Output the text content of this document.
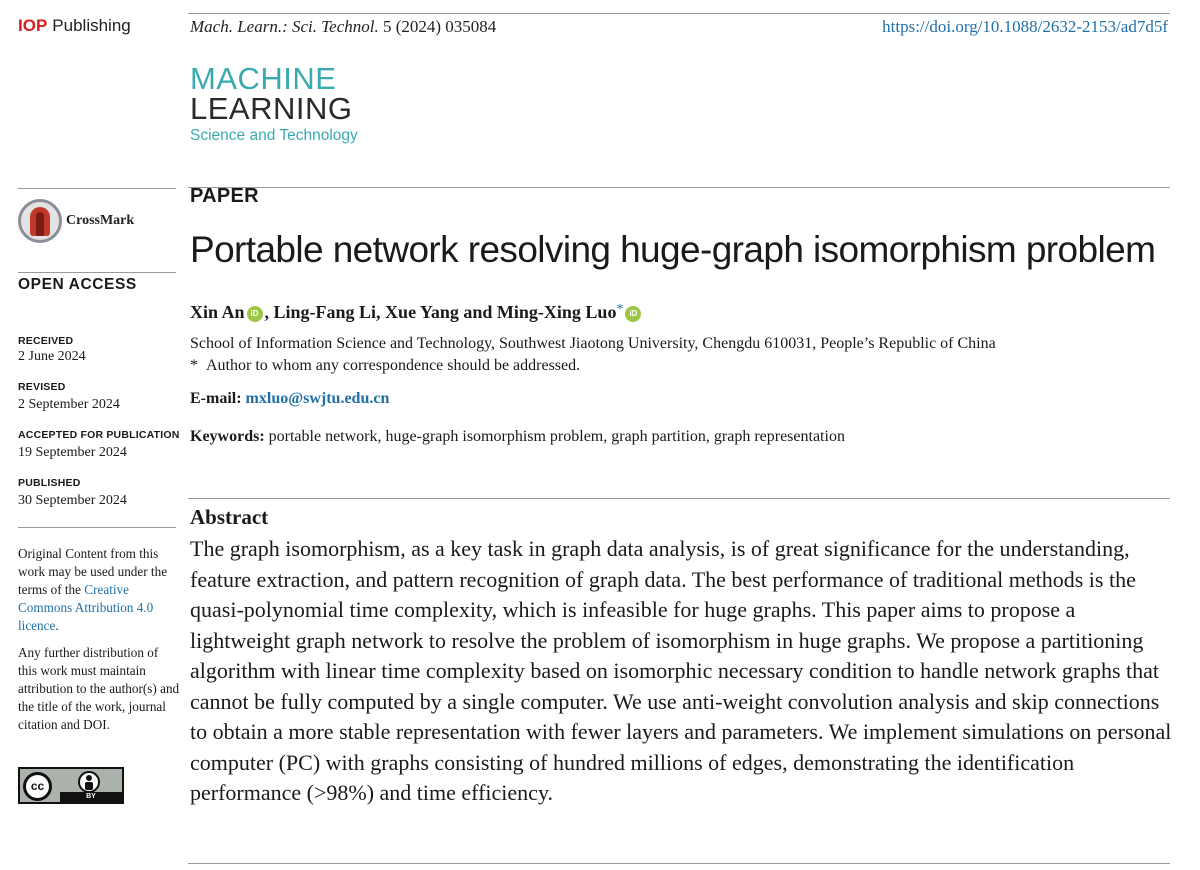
IOP Publishing	Mach. Learn.: Sci. Technol. 5 (2024) 035084	https://doi.org/10.1088/2632-2153/ad7d5f
MACHINE
LEARNING
Science and Technology
CrossMark
OPEN ACCESS
RECEIVED
2 June 2024
REVISED
2 September 2024
ACCEPTED FOR PUBLICATION
19 September 2024
PUBLISHED
30 September 2024
Original Content from this work may be used under the terms of the Creative Commons Attribution 4.0 licence.
Any further distribution of this work must maintain attribution to the author(s) and the title of the work, journal citation and DOI.
cc
BY
PAPER
Portable network resolving huge-graph isomorphism problem
Xin An iD , Ling-Fang Li, Xue Yang and Ming-Xing Luo* iD
School of Information Science and Technology, Southwest Jiaotong University, Chengdu 610031, People’s Republic of China
* Author to whom any correspondence should be addressed.
E-mail: mxluo@swjtu.edu.cn
Keywords: portable network, huge-graph isomorphism problem, graph partition, graph representation
Abstract

The graph isomorphism, as a key task in graph data analysis, is of great significance for the understanding, feature extraction, and pattern recognition of graph data. The best performance of traditional methods is the quasi-polynomial time complexity, which is infeasible for huge graphs. This paper aims to propose a lightweight graph network to resolve the problem of isomorphism in huge graphs. We propose a partitioning algorithm with linear time complexity based on isomorphic necessary condition to handle network graphs that cannot be fully computed by a single computer. We use anti-weight convolution analysis and skip connections to obtain a more stable representation with fewer layers and parameters. We implement simulations on personal computer (PC) with graphs consisting of hundred millions of edges, demonstrating the identification performance (>98%) and time efficiency.
